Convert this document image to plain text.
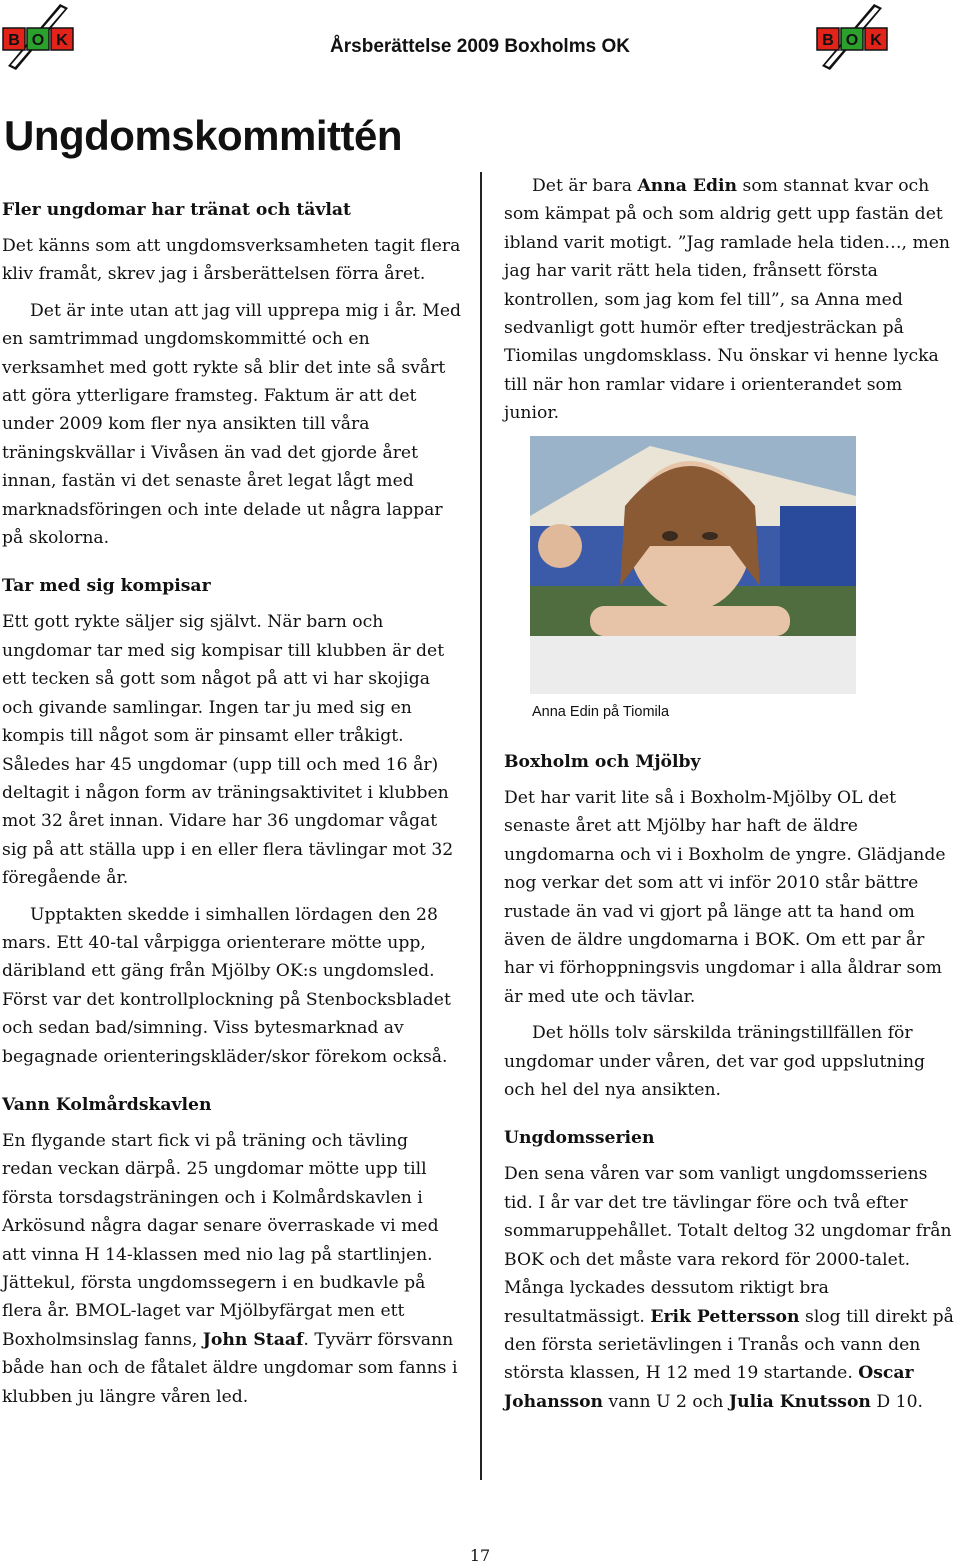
B O K	Årsberättelse 2009 Boxholms OK	B O K
Ungdomskommittén
Fler ungdomar har tränat och tävlat

Det känns som att ungdomsverksamheten tagit flera kliv framåt, skrev jag i årsberättelsen förra året.

Det är inte utan att jag vill upprepa mig i år. Med en samtrimmad ungdomskommitté och en verksamhet med gott rykte så blir det inte så svårt att göra ytterligare framsteg. Faktum är att det under 2009 kom fler nya ansikten till våra träningskvällar i Vivåsen än vad det gjorde året innan, fastän vi det senaste året legat lågt med marknadsföringen och inte delade ut några lappar på skolorna.

Tar med sig kompisar

Ett gott rykte säljer sig självt. När barn och ungdomar tar med sig kompisar till klubben är det ett tecken så gott som något på att vi har skojiga och givande samlingar. Ingen tar ju med sig en kompis till något som är pinsamt eller tråkigt. Således har 45 ungdomar (upp till och med 16 år) deltagit i någon form av träningsaktivitet i klubben mot 32 året innan. Vidare har 36 ungdomar vågat sig på att ställa upp i en eller flera tävlingar mot 32 föregående år.

Upptakten skedde i simhallen lördagen den 28 mars. Ett 40-tal vårpigga orienterare mötte upp, däribland ett gäng från Mjölby OK:s ungdomsled. Först var det kontrollplockning på Stenbocksbladet och sedan bad/simning. Viss bytesmarknad av begagnade orienteringskläder/skor förekom också.

Vann Kolmårdskavlen

En flygande start fick vi på träning och tävling redan veckan därpå. 25 ungdomar mötte upp till första torsdagsträningen och i Kolmårdskavlen i Arkösund några dagar senare överraskade vi med att vinna H 14-klassen med nio lag på startlinjen. Jättekul, första ungdomssegern i en budkavle på flera år. BMOL-laget var Mjölbyfärgat men ett Boxholmsinslag fanns, John Staaf. Tyvärr försvann både han och de fåtalet äldre ungdomar som fanns i klubben ju längre våren led.

Det är bara Anna Edin som stannat kvar och som kämpat på och som aldrig gett upp fastän det ibland varit motigt. ”Jag ramlade hela tiden…, men jag har varit rätt hela tiden, frånsett första kontrollen, som jag kom fel till”, sa Anna med sedvanligt gott humör efter tredjesträckan på Tiomilas ungdomsklass. Nu önskar vi henne lycka till när hon ramlar vidare i orienterandet som junior.

Anna Edin på Tiomila
Boxholm och Mjölby

Det har varit lite så i Boxholm-Mjölby OL det senaste året att Mjölby har haft de äldre ungdomarna och vi i Boxholm de yngre. Glädjande nog verkar det som att vi inför 2010 står bättre rustade än vad vi gjort på länge att ta hand om även de äldre ungdomarna i BOK. Om ett par år har vi förhoppningsvis ungdomar i alla åldrar som är med ute och tävlar.

Det hölls tolv särskilda träningstillfällen för ungdomar under våren, det var god uppslutning och hel del nya ansikten.

Ungdomsserien

Den sena våren var som vanligt ungdomsseriens tid. I år var det tre tävlingar före och två efter sommaruppehållet. Totalt deltog 32 ungdomar från BOK och det måste vara rekord för 2000-talet. Många lyckades dessutom riktigt bra resultatmässigt. Erik Pettersson slog till direkt på den första serietävlingen i Tranås och vann den största klassen, H 12 med 19 startande. Oscar Johansson vann U 2 och Julia Knutsson D 10.

17
